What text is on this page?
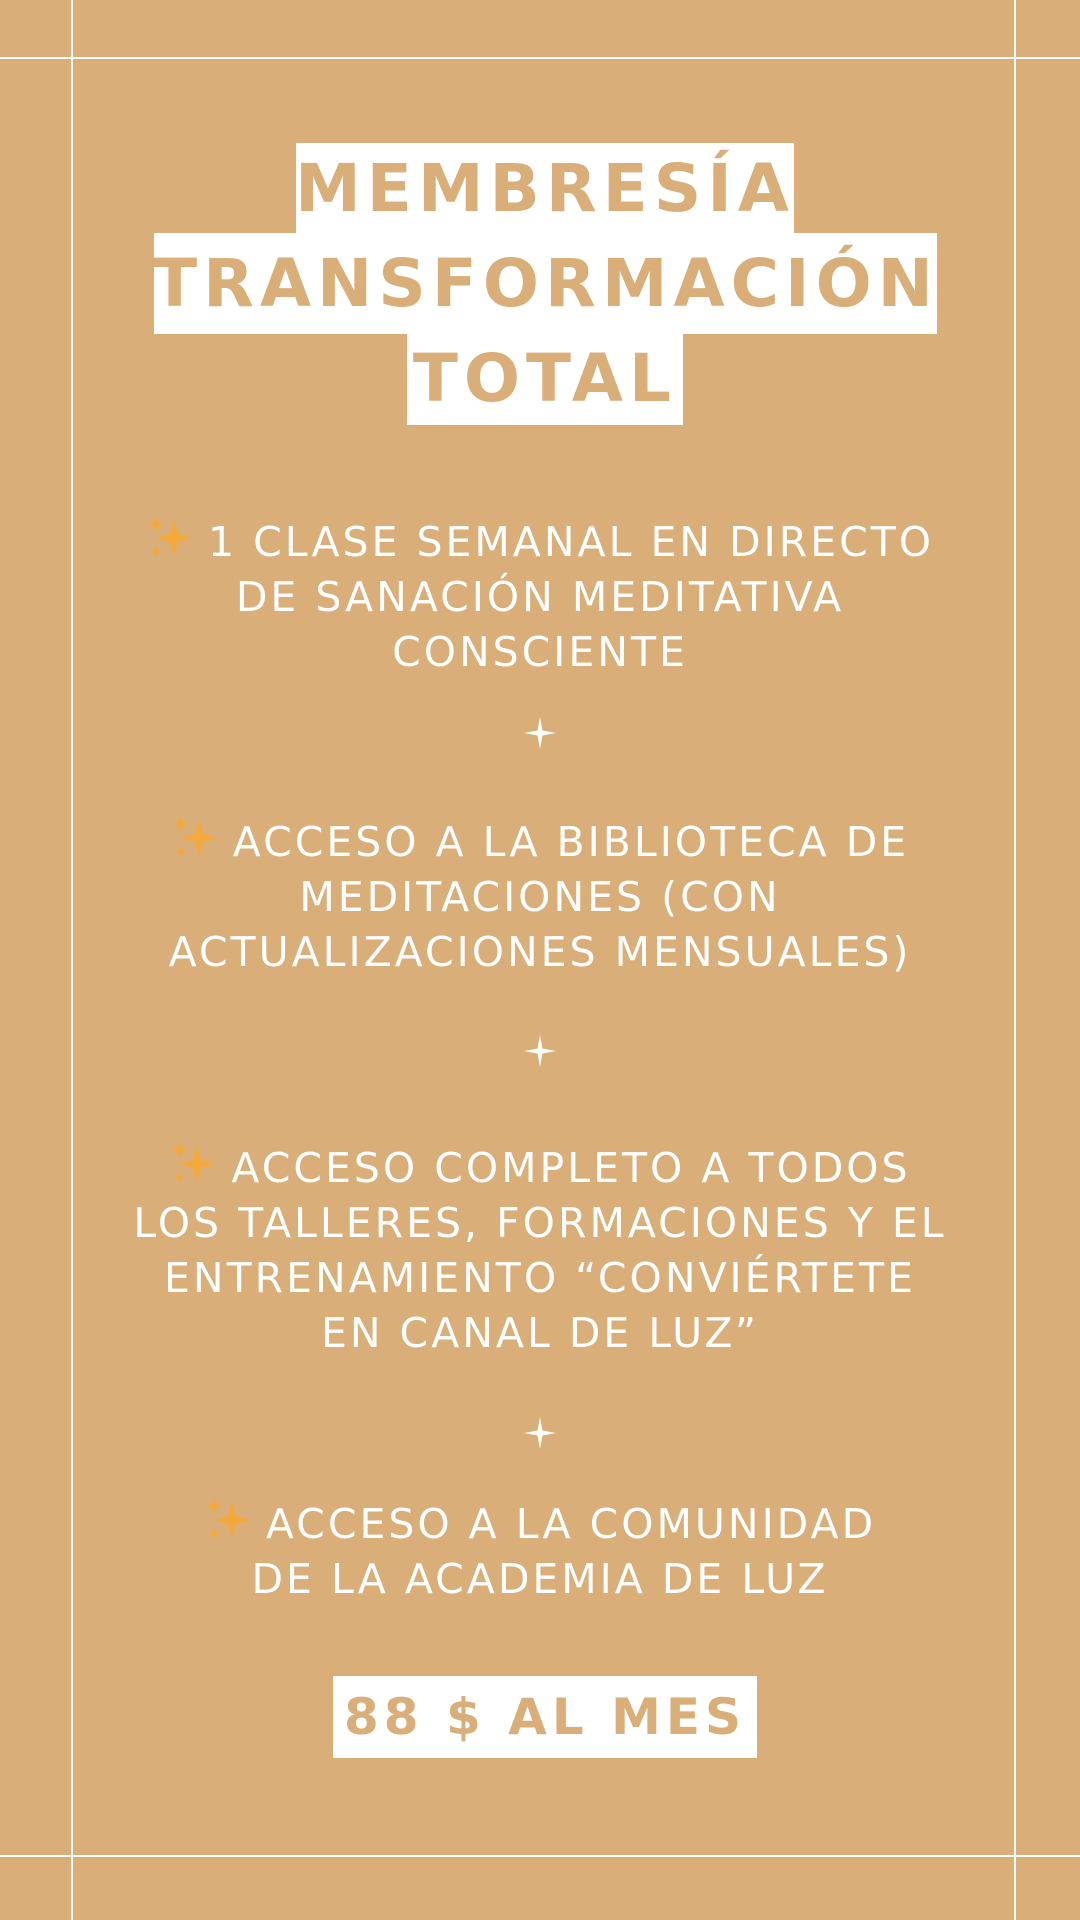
MEMBRESÍA
TRANSFORMACIÓN
TOTAL
1 CLASE SEMANAL EN DIRECTO
DE SANACIÓN MEDITATIVA
CONSCIENTE
ACCESO A LA BIBLIOTECA DE
MEDITACIONES (CON
ACTUALIZACIONES MENSUALES)
ACCESO COMPLETO A TODOS
LOS TALLERES, FORMACIONES Y EL
ENTRENAMIENTO “CONVIÉRTETE
EN CANAL DE LUZ”
ACCESO A LA COMUNIDAD
DE LA ACADEMIA DE LUZ
88 $ AL MES
